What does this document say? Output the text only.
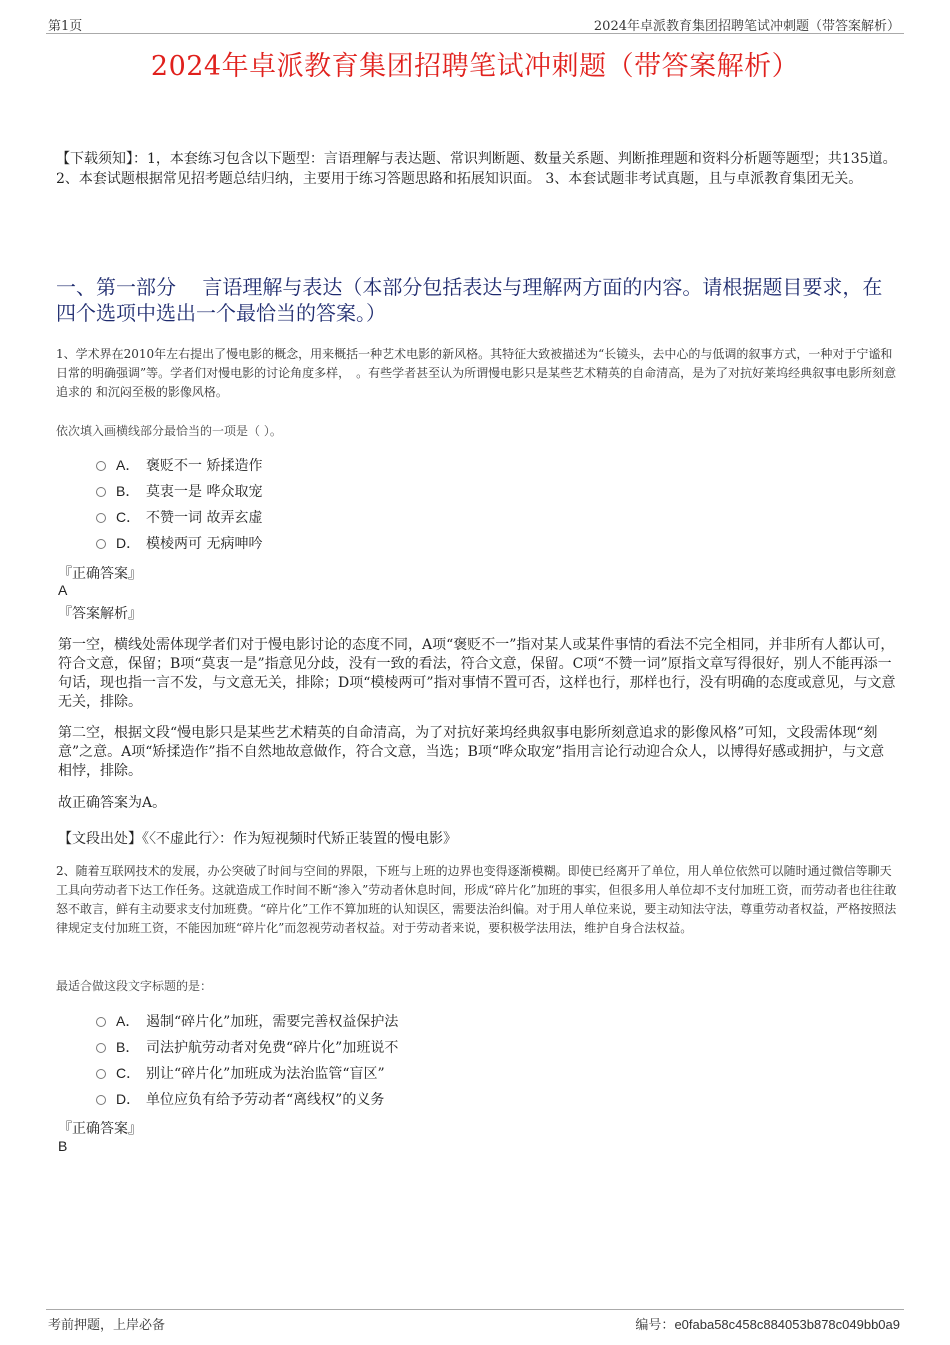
第1页	2024年卓派教育集团招聘笔试冲刺题（带答案解析）
2024年卓派教育集团招聘笔试冲刺题（带答案解析）
【下载须知】：1，本套练习包含以下题型：言语理解与表达题、常识判断题、数量关系题、判断推理题和资料分析题等题型；共135道。 2、本套试题根据常见招考题总结归纳，主要用于练习答题思路和拓展知识面。 3、本套试题非考试真题，且与卓派教育集团无关。
一、第一部分　 言语理解与表达（本部分包括表达与理解两方面的内容。请根据题目要求，在四个选项中选出一个最恰当的答案。）
1、学术界在2010年左右提出了慢电影的概念，用来概括一种艺术电影的新风格。其特征大致被描述为“长镜头，去中心的与低调的叙事方式，一种对于宁谧和日常的明确强调”等。学者们对慢电影的讨论角度多样，　。有些学者甚至认为所谓慢电影只是某些艺术精英的自命清高，是为了对抗好莱坞经典叙事电影所刻意追求的 和沉闷至极的影像风格。
依次填入画横线部分最恰当的一项是（ ）。
A． 褒贬不一 矫揉造作
B． 莫衷一是 哗众取宠
C． 不赞一词 故弄玄虚
D． 模棱两可 无病呻吟
『正确答案』
A
『答案解析』
第一空，横线处需体现学者们对于慢电影讨论的态度不同，A项“褒贬不一”指对某人或某件事情的看法不完全相同，并非所有人都认可，符合文意，保留；B项“莫衷一是”指意见分歧，没有一致的看法，符合文意，保留。C项“不赞一词”原指文章写得很好，别人不能再添一句话，现也指一言不发，与文意无关，排除；D项“模棱两可”指对事情不置可否，这样也行，那样也行，没有明确的态度或意见，与文意无关，排除。
第二空，根据文段“慢电影只是某些艺术精英的自命清高，为了对抗好莱坞经典叙事电影所刻意追求的影像风格”可知，文段需体现“刻意”之意。A项“矫揉造作”指不自然地故意做作，符合文意，当选；B项“哗众取宠”指用言论行动迎合众人，以博得好感或拥护，与文意相悖，排除。
故正确答案为A。
【文段出处】《〈不虚此行〉：作为短视频时代矫正装置的慢电影》
2、随着互联网技术的发展，办公突破了时间与空间的界限，下班与上班的边界也变得逐渐模糊。即使已经离开了单位，用人单位依然可以随时通过微信等聊天工具向劳动者下达工作任务。这就造成工作时间不断“渗入”劳动者休息时间，形成“碎片化”加班的事实，但很多用人单位却不支付加班工资，而劳动者也往往敢怒不敢言，鲜有主动要求支付加班费。“碎片化”工作不算加班的认知误区，需要法治纠偏。对于用人单位来说，要主动知法守法，尊重劳动者权益，严格按照法律规定支付加班工资，不能因加班“碎片化”而忽视劳动者权益。对于劳动者来说，要积极学法用法，维护自身合法权益。
最适合做这段文字标题的是：
A． 遏制“碎片化”加班，需要完善权益保护法
B． 司法护航劳动者对免费“碎片化”加班说不
C． 别让“碎片化”加班成为法治监管“盲区”
D． 单位应负有给予劳动者“离线权”的义务
『正确答案』
B
考前押题，上岸必备	编号：e0faba58c458c884053b878c049bb0a9
